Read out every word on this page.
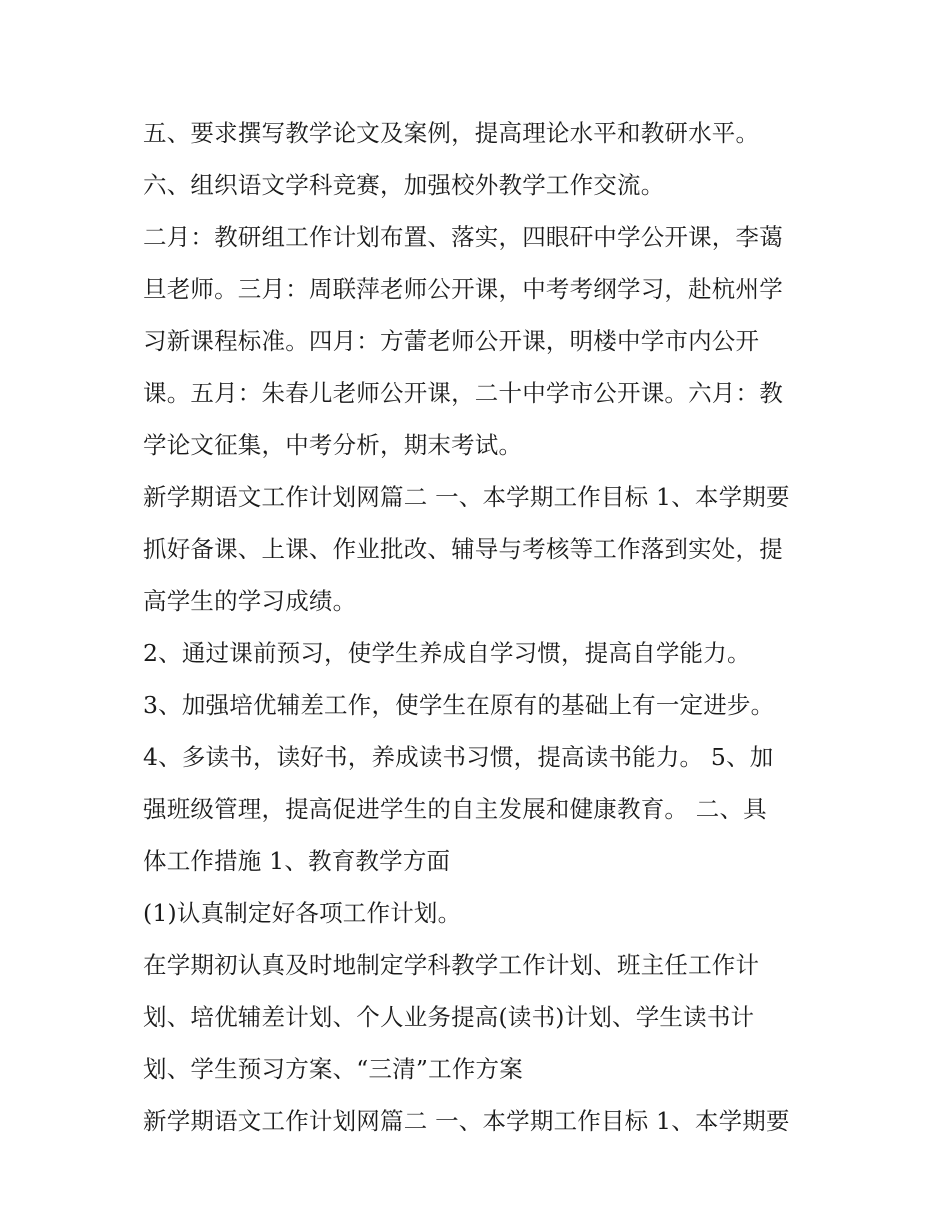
五、要求撰写教学论文及案例，提高理论水平和教研水平。
六、组织语文学科竞赛，加强校外教学工作交流。
二月：教研组工作计划布置、落实，四眼矸中学公开课，李蔼
旦老师。三月：周联萍老师公开课，中考考纲学习，赴杭州学
习新课程标准。四月：方蕾老师公开课，明楼中学市内公开
课。五月：朱春儿老师公开课，二十中学市公开课。六月：教
学论文征集，中考分析，期末考试。
新学期语文工作计划网篇二 一、本学期工作目标 1、本学期要
抓好备课、上课、作业批改、辅导与考核等工作落到实处，提
高学生的学习成绩。
2、通过课前预习，使学生养成自学习惯，提高自学能力。
3、加强培优辅差工作，使学生在原有的基础上有一定进步。
4、多读书，读好书，养成读书习惯，提高读书能力。 5、加
强班级管理，提高促进学生的自主发展和健康教育。 二、具
体工作措施 1、教育教学方面
(1)认真制定好各项工作计划。
在学期初认真及时地制定学科教学工作计划、班主任工作计
划、培优辅差计划、个人业务提高(读书)计划、学生读书计
划、学生预习方案、“三清”工作方案
新学期语文工作计划网篇二 一、本学期工作目标 1、本学期要
